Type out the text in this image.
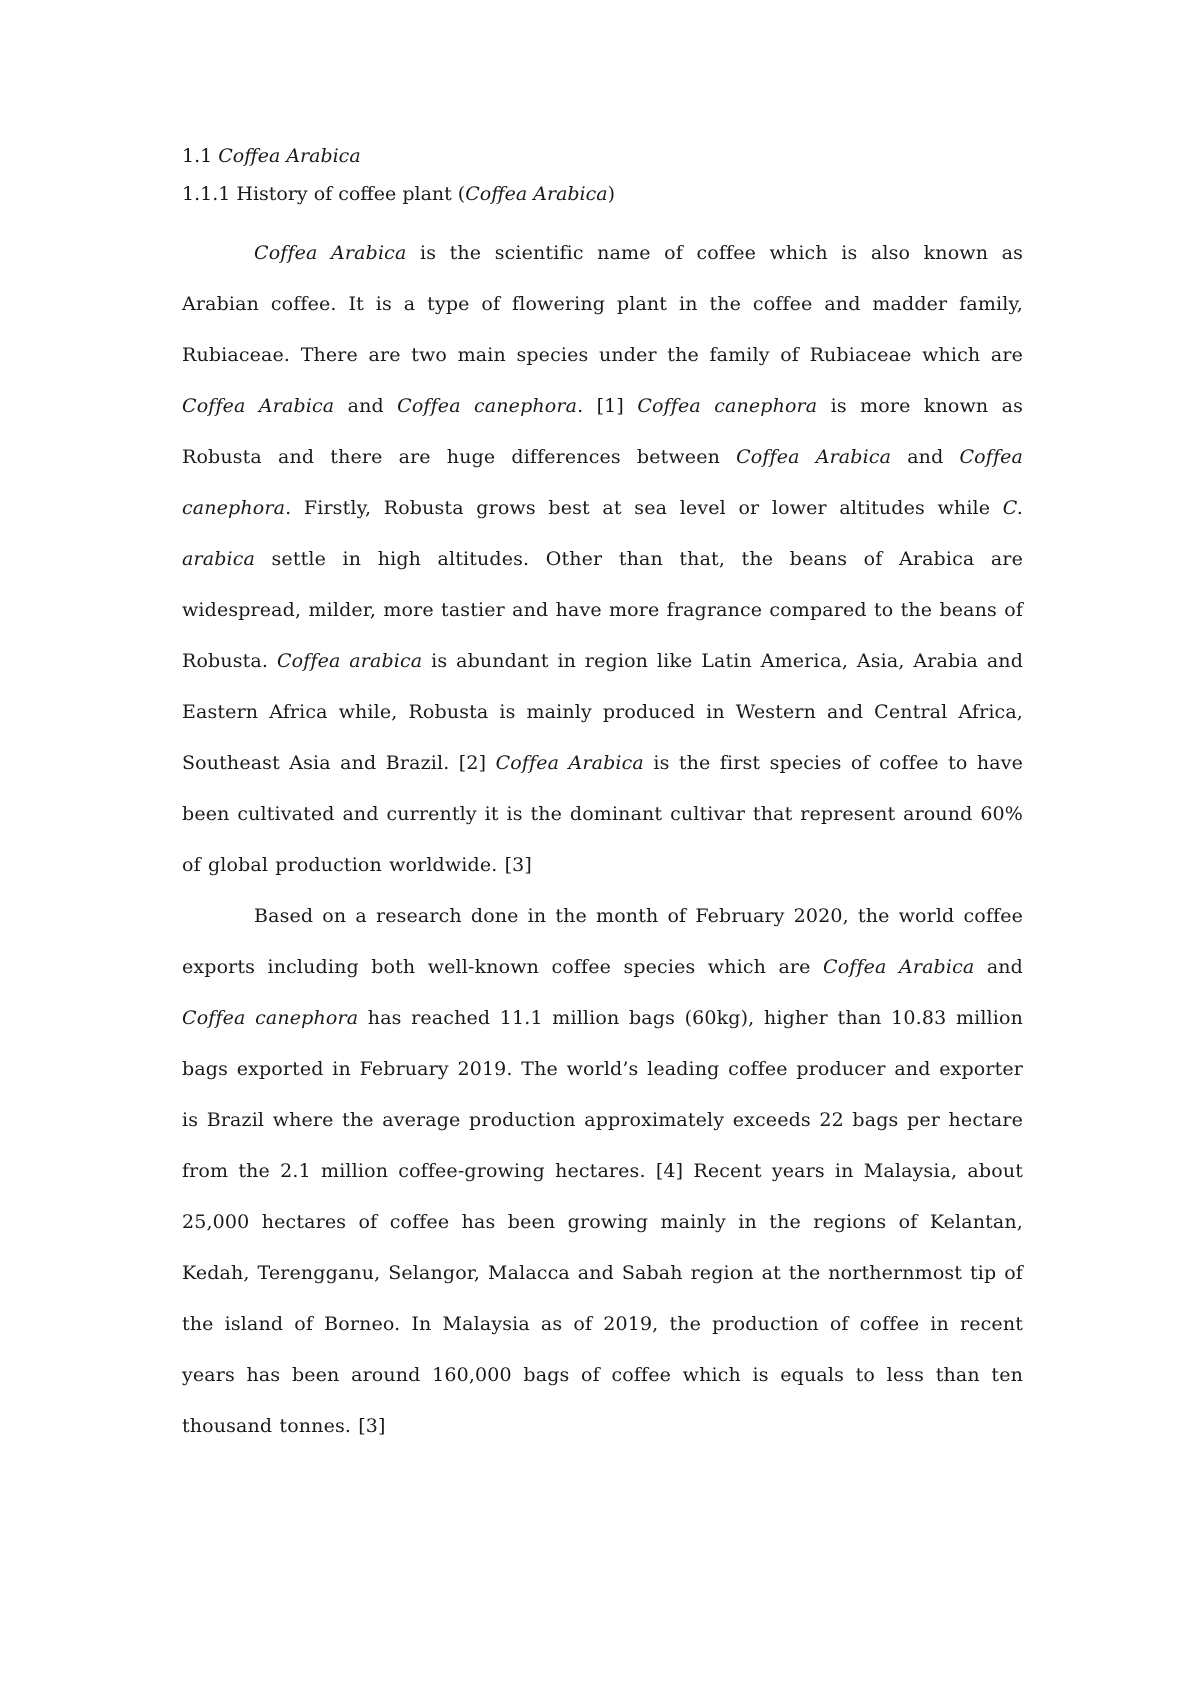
1.1 Coffea Arabica
1.1.1 History of coffee plant (Coffea Arabica)

Coffea Arabica is the scientific name of coffee which is also known as Arabian coffee. It is a type of flowering plant in the coffee and madder family, Rubiaceae. There are two main species under the family of Rubiaceae which are Coffea Arabica and Coffea canephora. [1] Coffea canephora is more known as Robusta and there are huge differences between Coffea Arabica and Coffea canephora. Firstly, Robusta grows best at sea level or lower altitudes while C. arabica settle in high altitudes. Other than that, the beans of Arabica are widespread, milder, more tastier and have more fragrance compared to the beans of Robusta. Coffea arabica is abundant in region like Latin America, Asia, Arabia and Eastern Africa while, Robusta is mainly produced in Western and Central Africa, Southeast Asia and Brazil. [2] Coffea Arabica is the first species of coffee to have been cultivated and currently it is the dominant cultivar that represent around 60% of global production worldwide. [3]

Based on a research done in the month of February 2020, the world coffee exports including both well-known coffee species which are Coffea Arabica and Coffea canephora has reached 11.1 million bags (60kg), higher than 10.83 million bags exported in February 2019. The world’s leading coffee producer and exporter is Brazil where the average production approximately exceeds 22 bags per hectare from the 2.1 million coffee-growing hectares. [4] Recent years in Malaysia, about 25,000 hectares of coffee has been growing mainly in the regions of Kelantan, Kedah, Terengganu, Selangor, Malacca and Sabah region at the northernmost tip of the island of Borneo. In Malaysia as of 2019, the production of coffee in recent years has been around 160,000 bags of coffee which is equals to less than ten thousand tonnes. [3]
